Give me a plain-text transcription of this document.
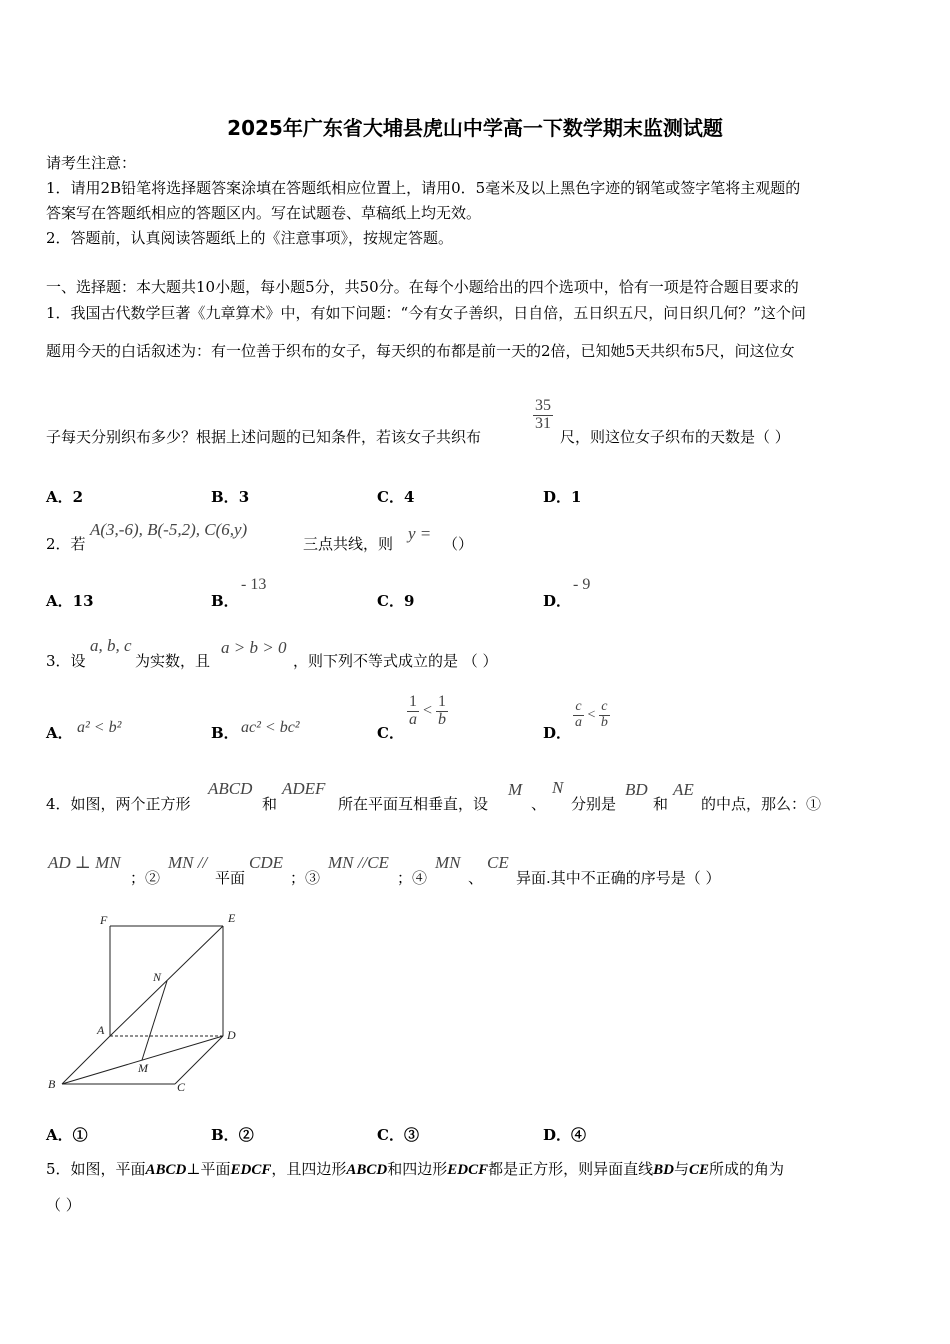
2025年广东省大埔县虎山中学高一下数学期末监测试题
请考生注意：
1．请用2B铅笔将选择题答案涂填在答题纸相应位置上，请用0．5毫米及以上黑色字迹的钢笔或签字笔将主观题的
答案写在答题纸相应的答题区内。写在试题卷、草稿纸上均无效。
2．答题前，认真阅读答题纸上的《注意事项》，按规定答题。
一、选择题：本大题共10小题，每小题5分，共50分。在每个小题给出的四个选项中，恰有一项是符合题目要求的
1．我国古代数学巨著《九章算术》中，有如下问题：“今有女子善织，日自倍，五日织五尺，问日织几何？”这个问
题用今天的白话叙述为：有一位善于织布的女子，每天织的布都是前一天的2倍，已知她5天共织布5尺，问这位女
子每天分别织布多少？根据上述问题的已知条件，若该女子共织布
$\frac{35}{31}$
尺，则这位女子织布的天数是（ ）
A．2	B．3	C．4	D．1
2．若
A(3,-6), B(-5,2), C(6,y)
三点共线，则
y =
（）
A．13	B．
- 13
C．9	D．
- 9
3．设
a, b, c
为实数，且
a > b > 0
，则下列不等式成立的是 （ ）
A． a² < b²	B． ac² < bc²	C．
$\frac{1}{a} < \frac{1}{b}$
D．
$\frac{c}{a} < \frac{c}{b}$
4．如图，两个正方形
ABCD
和
ADEF
所在平面互相垂直，设
M
、
N
分别是
BD
和
AE
的中点，那么：①
AD ⊥ MN
；②
MN //
平面
CDE
；③
MN //CE
；④
MN
、
CE
异面.其中不正确的序号是（ ）
F	E
N
A	D
M
B	C
A．①	B．②	C．③	D．④
5．如图，平面ABCD⊥平面EDCF，且四边形ABCD和四边形EDCF都是正方形，则异面直线BD与CE所成的角为
（ ）
